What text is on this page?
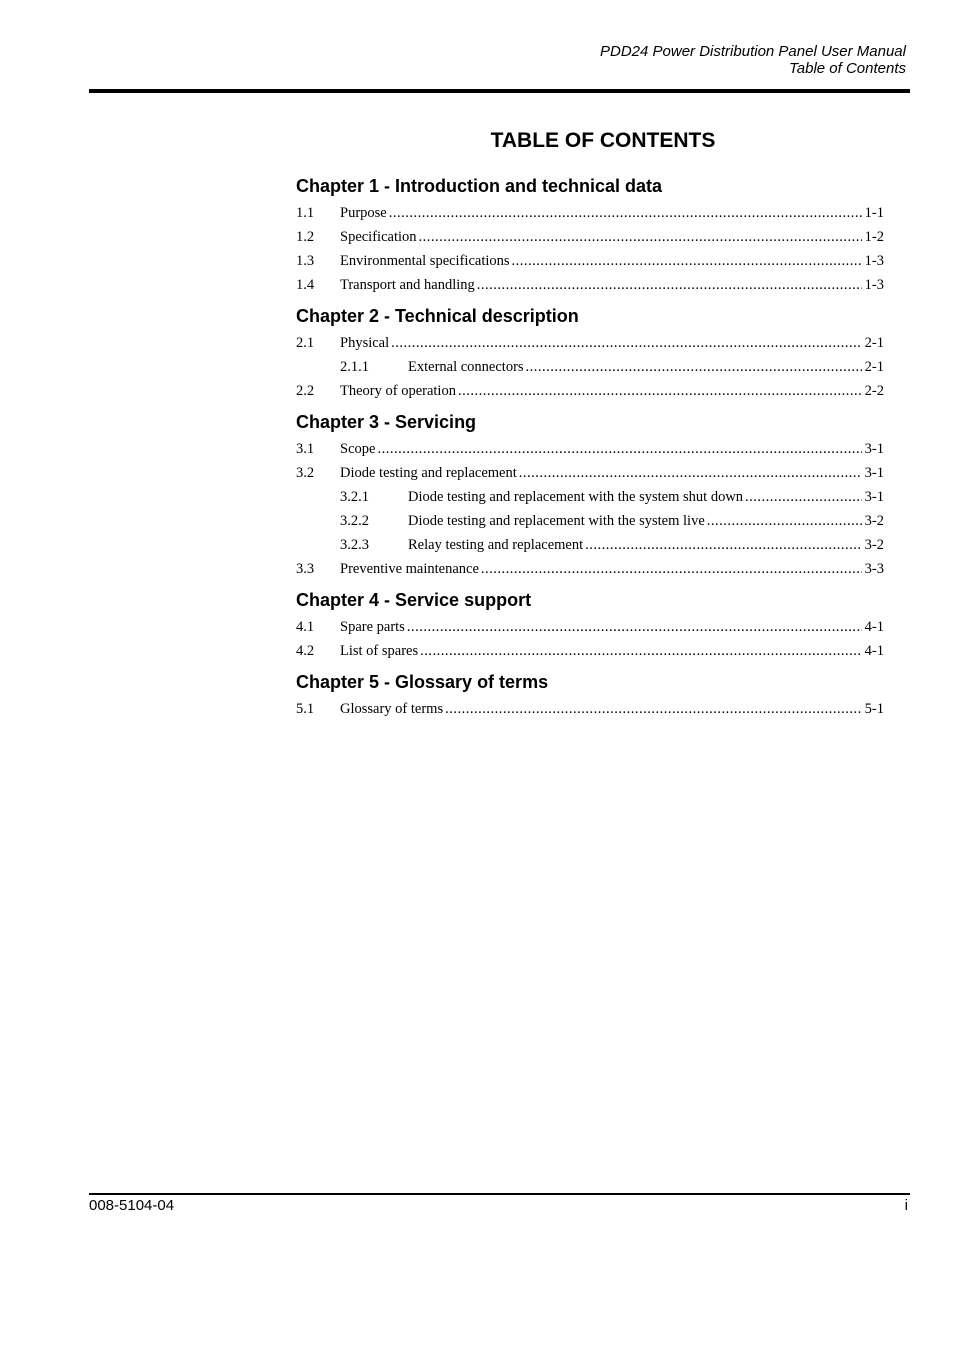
PDD24 Power Distribution Panel User Manual
Table of Contents
TABLE OF CONTENTS
Chapter 1 - Introduction and technical data
1.1	Purpose .....	1-1
1.2	Specification .....	1-2
1.3	Environmental specifications .....	1-3
1.4	Transport and handling .....	1-3
Chapter 2 - Technical description
2.1	Physical .....	2-1
2.1.1	External connectors .....	2-1
2.2	Theory of operation .....	2-2
Chapter 3 - Servicing
3.1	Scope .....	3-1
3.2	Diode testing and replacement .....	3-1
3.2.1	Diode testing and replacement with the system shut down .....	3-1
3.2.2	Diode testing and replacement with the system live .....	3-2
3.2.3	Relay testing and replacement .....	3-2
3.3	Preventive maintenance .....	3-3
Chapter 4 - Service support
4.1	Spare parts .....	4-1
4.2	List of spares .....	4-1
Chapter 5 - Glossary of terms
5.1	Glossary of terms .....	5-1
008-5104-04	i
